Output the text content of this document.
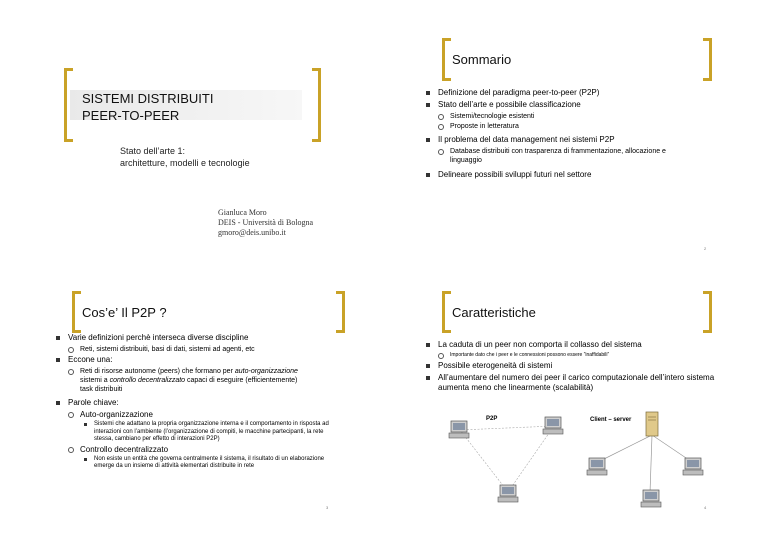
SISTEMI DISTRIBUITI
PEER-TO-PEER
Stato dell’arte 1:
architetture, modelli e tecnologie
Gianluca Moro
DEIS - Università di Bologna
gmoro@deis.unibo.it
Sommario
Definizione del paradigma peer-to-peer (P2P)
Stato dell’arte e possibile classificazione
Sistemi/tecnologie esistenti
Proposte in letteratura
Il problema del data management nei sistemi P2P
Database distribuiti con trasparenza di frammentazione, allocazione e linguaggio
Delineare possibili sviluppi futuri nel settore
2
Cos’e’ Il P2P ?
Varie definizioni perchè interseca diverse discipline
Reti, sistemi distribuiti, basi di dati, sistemi ad agenti, etc
Eccone una:
Reti di risorse autonome (peers) che formano per auto-organizzazione sistemi a controllo decentralizzato capaci di eseguire (efficientemente) task distribuiti
Parole chiave:
Auto-organizzazione
Sistemi che adattano la propria organizzazione interna e il comportamento in risposta ad interazioni con l’ambiente (l’organizzazione di compiti, le macchine partecipanti, la rete stessa, cambiano per effetto di interazioni P2P)
Controllo decentralizzato
Non esiste un entità che governa centralmente il sistema, il risultato di un elaborazione emerge da un insieme di attività elementari distribuite in rete
3
Caratteristiche
La caduta di un peer non comporta il collasso del sistema
Importante dato che i peer e le connessioni possono essere “inaffidabili”
Possibile eterogeneità di sistemi
All’aumentare del numero dei peer il carico computazionale dell’intero sistema aumenta meno che linearmente (scalabilità)
P2P	Client – server
4
